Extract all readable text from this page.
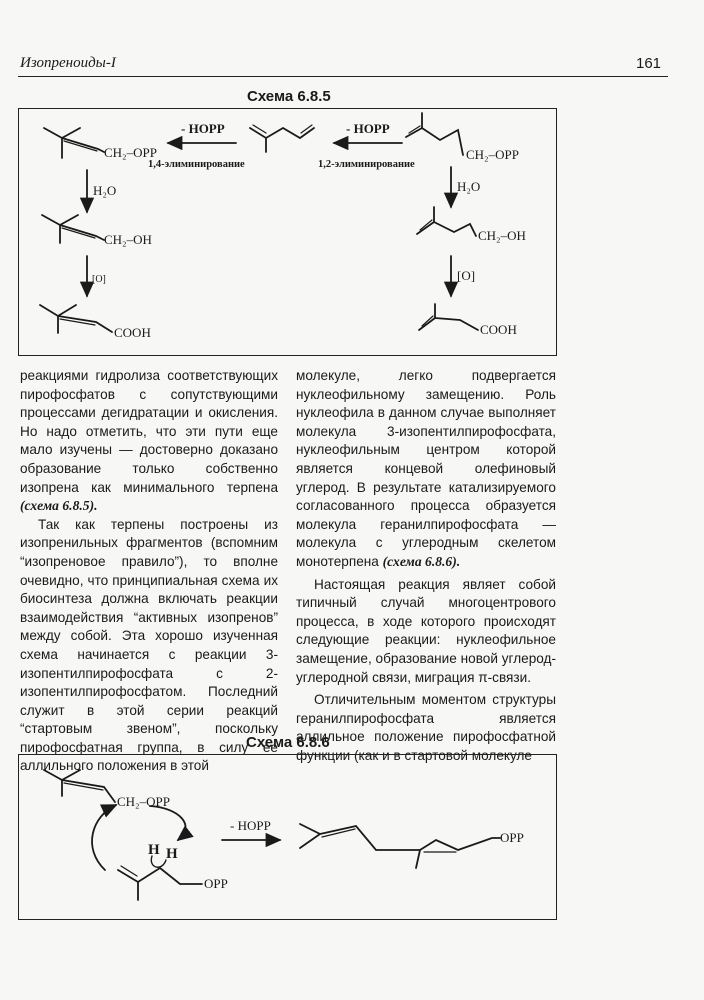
Изопреноиды-I	161
Схема 6.8.5
CH₂–OPP	CH₂–OPP
- HOPP	- HOPP
1,4-элиминирование	1,2-элиминирование
H₂O	H₂O
CH₂–OH	CH₂–OH
[O]	[O]
COOH	COOH
CH₂–OPP
H H
OPP
- HOPP
OPP

реакциями гидролиза соответствующих пирофосфатов с сопутствующими процессами дегидратации и окисления. Но надо отметить, что эти пути еще мало изучены — достоверно доказано образование только собственно изопрена как минимального терпена (схема 6.8.5).

Так как терпены построены из изопренильных фрагментов (вспомним “изопреновое правило”), то вполне очевидно, что принципиальная схема их биосинтеза должна включать реакции взаимодействия “активных изопренов” между собой. Эта хорошо изученная схема начинается с реакции 3-изопентилпирофосфата с 2-изопентилпирофосфатом. Последний служит в этой серии реакций “стартовым звеном”, поскольку пирофосфатная группа, в силу ее аллильного положения в этой

молекуле, легко подвергается нуклеофильному замещению. Роль нуклеофила в данном случае выполняет молекула 3-изопентилпирофосфата, нуклеофильным центром которой является концевой олефиновый углерод. В результате катализируемого согласованного процесса образуется молекула геранилпирофосфата — молекула с углеродным скелетом монотерпена (схема 6.8.6).

Настоящая реакция являет собой типичный случай многоцентрового процесса, в ходе которого происходят следующие реакции: нуклеофильное замещение, образование новой углерод-углеродной связи, миграция π-связи.

Отличительным моментом структуры геранилпирофосфата является аллильное положение пирофосфатной функции (как и в стартовой молекуле

Схема 6.8.6
